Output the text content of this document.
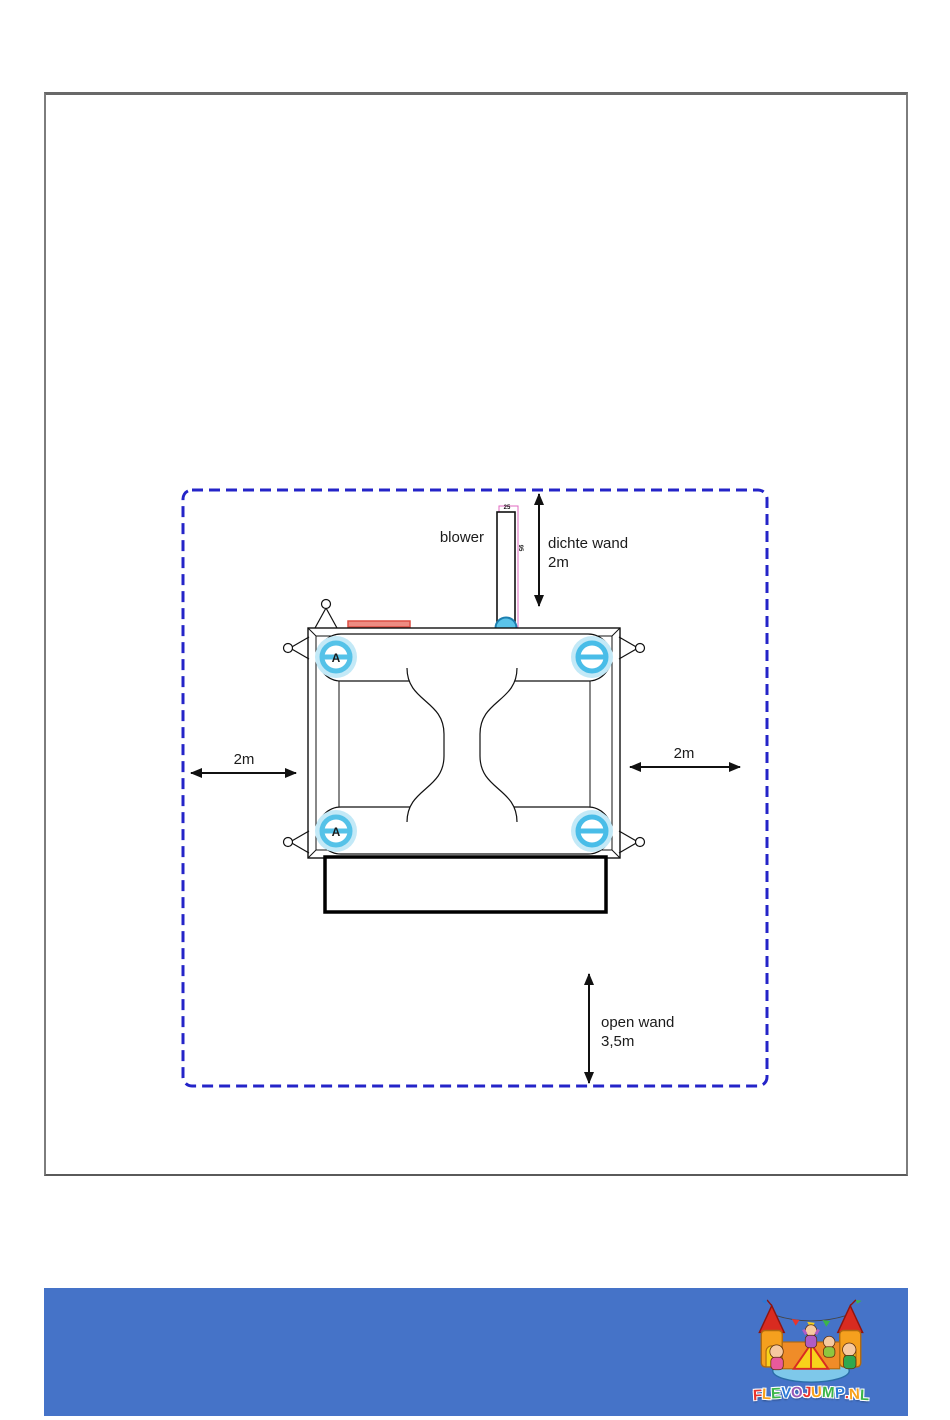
25
95
blower	dichte wand
2m
A
A
2m	2m
open wand
3,5m
F L E V O J U M P . N L
